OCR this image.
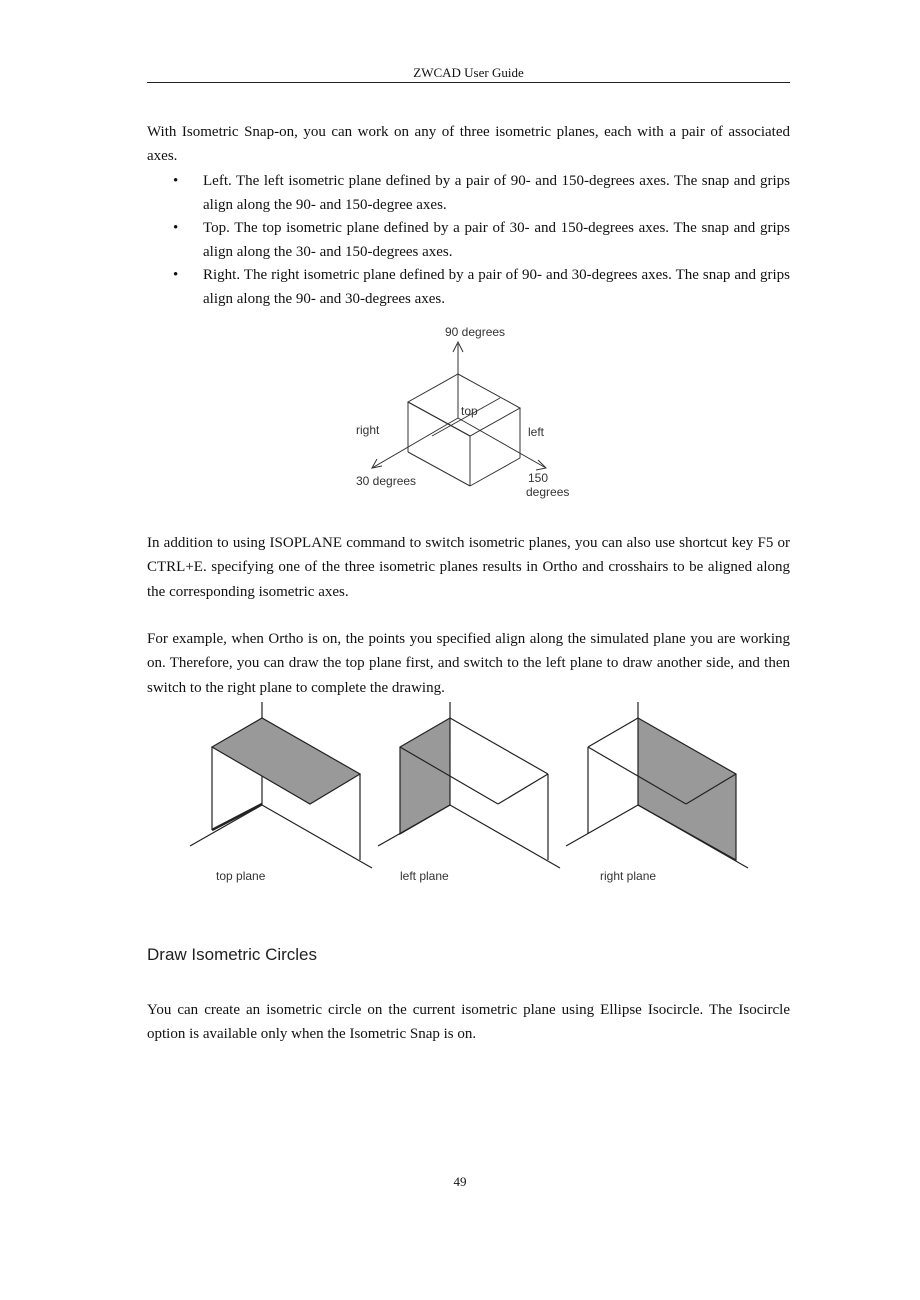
ZWCAD User Guide

With Isometric Snap-on, you can work on any of three isometric planes, each with a pair of associated axes.

• Left. The left isometric plane defined by a pair of 90- and 150-degrees axes. The snap and grips align along the 90- and 150-degree axes.
• Top. The top isometric plane defined by a pair of 30- and 150-degrees axes. The snap and grips align along the 30- and 150-degrees axes.
• Right. The right isometric plane defined by a pair of 90- and 30-degrees axes. The snap and grips align along the 90- and 30-degrees axes.
90 degrees
top
right	left
30 degrees	150
degrees

In addition to using ISOPLANE command to switch isometric planes, you can also use shortcut key F5 or CTRL+E. specifying one of the three isometric planes results in Ortho and crosshairs to be aligned along the corresponding isometric axes.

For example, when Ortho is on, the points you specified align along the simulated plane you are working on. Therefore, you can draw the top plane first, and switch to the left plane to draw another side, and then switch to the right plane to complete the drawing.

top plane	left plane	right plane
Draw Isometric Circles

You can create an isometric circle on the current isometric plane using Ellipse Isocircle. The Isocircle option is available only when the Isometric Snap is on.

49
